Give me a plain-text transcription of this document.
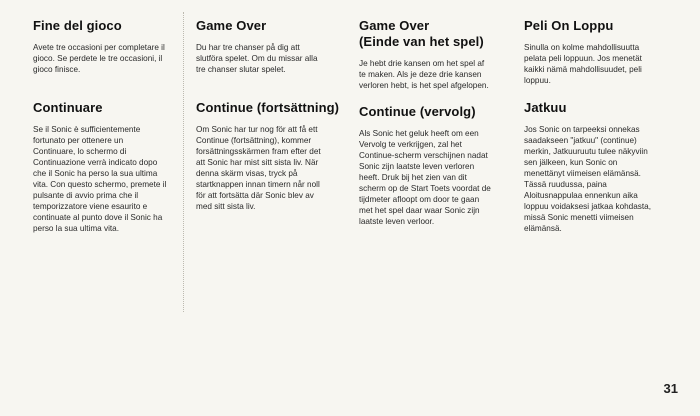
Fine del gioco

Avete tre occasioni per completare il
gioco. Se perdete le tre occasioni, il
gioco finisce.

Continuare

Se il Sonic è sufficientemente
fortunato per ottenere un
Continuare, lo schermo di
Continuazione verrà indicato dopo
che il Sonic ha perso la sua ultima
vita. Con questo schermo, premete il
pulsante di avvio prima che il
temporizzatore viene esaurito e
continuate al punto dove il Sonic ha
perso la sua ultima vita.

Game Over

Du har tre chanser på dig att
slutföra spelet. Om du missar alla
tre chanser slutar spelet.

Continue (fortsättning)

Om Sonic har tur nog för att få ett
Continue (fortsättning), kommer
forsättningsskärmen fram efter det
att Sonic har mist sitt sista liv. När
denna skärm visas, tryck på
startknappen innan timern når noll
för att fortsätta där Sonic blev av
med sitt sista liv.

Game Over
(Einde van het spel)

Je hebt drie kansen om het spel af
te maken. Als je deze drie kansen
verloren hebt, is het spel afgelopen.

Continue (vervolg)

Als Sonic het geluk heeft om een
Vervolg te verkrijgen, zal het
Continue-scherm verschijnen nadat
Sonic zijn laatste leven verloren
heeft. Druk bij het zien van dit
scherm op de Start Toets voordat de
tijdmeter afloopt om door te gaan
met het spel daar waar Sonic zijn
laatste leven verloor.

Peli On Loppu

Sinulla on kolme mahdollisuutta
pelata peli loppuun. Jos menetät
kaikki nämä mahdollisuudet, peli
loppuu.

Jatkuu

Jos Sonic on tarpeeksi onnekas
saadakseen "jatkuu" (continue)
merkin, Jatkuuruutu tulee näkyviin
sen jälkeen, kun Sonic on
menettänyt viimeisen elämänsä.
Tässä ruudussa, paina
Aloitusnappulaa ennenkun aika
loppuu voidaksesi jatkaa kohdasta,
missä Sonic menetti viimeisen
elämänsä.

31
